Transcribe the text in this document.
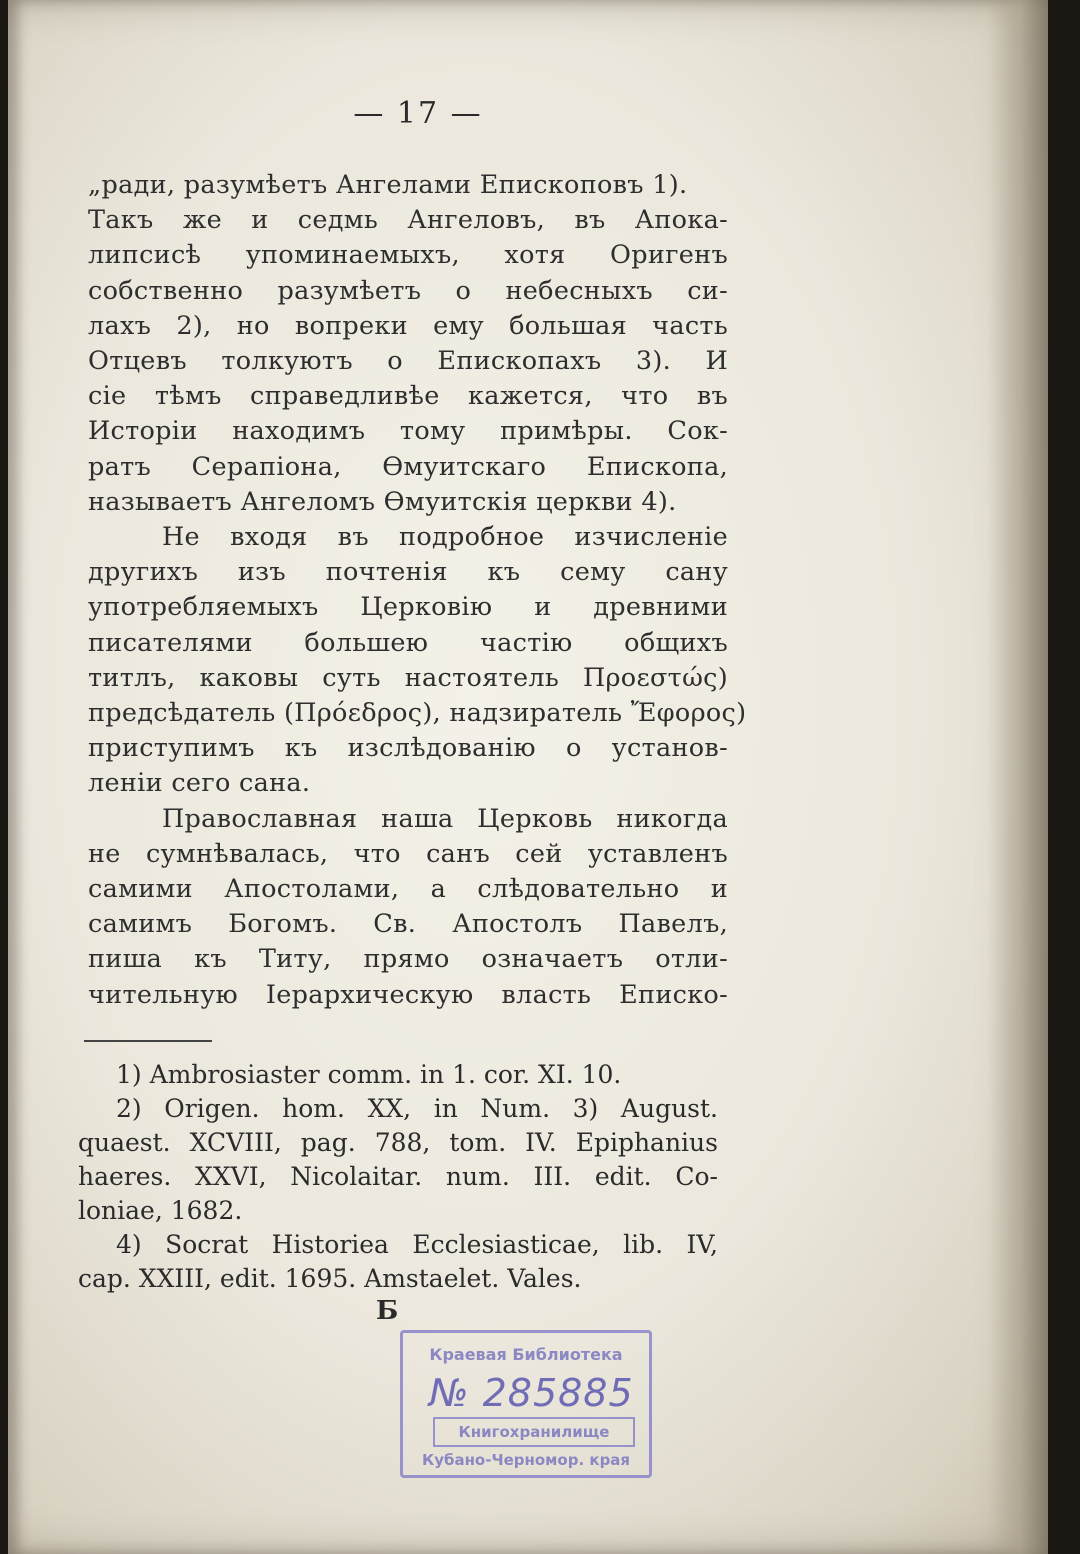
— 17 —
„ради, разумѣетъ Ангелами Епископовъ 1).
Такъ же и седмь Ангеловъ, въ Апока-
липсисѣ упоминаемыхъ, хотя Оригенъ
собственно разумѣетъ о небесныхъ си-
лахъ 2), но вопреки ему большая часть
Отцевъ толкуютъ о Епископахъ 3). И
сіе тѣмъ справедливѣе кажется, что въ
Исторіи находимъ тому примѣры. Сок-
ратъ Серапіона, Ѳмуитскаго Епископа,
называетъ Ангеломъ Ѳмуитскія церкви 4).
Не входя въ подробное изчисленіе
другихъ изъ почтенія къ сему сану
употребляемыхъ Церковію и древними
писателями большею частію общихъ
титлъ, каковы суть настоятель Προεστώς)
предсѣдатель (Πρόεδρος), надзиратель Ἔφορος)
приступимъ къ изслѣдованію о установ-
леніи сего сана.
Православная наша Церковь никогда
не сумнѣвалась, что санъ сей уставленъ
самими Апостолами, а слѣдовательно и
самимъ Богомъ. Св. Апостолъ Павелъ,
пиша къ Титу, прямо означаетъ отли-
чительную Іерархическую власть Еписко-
1) Ambrosiaster comm. in 1. cor. XI. 10.
2) Origen. hom. XX, in Num. 3) August.
quaest. XCVIII, pag. 788, tom. IV. Epiphanius
haeres. XXVI, Nicolaitar. num. III. edit. Co-
loniae, 1682.
4) Socrat Historiea Ecclesiasticae, lib. IV,
cap. XXIII, edit. 1695. Amstaelet. Vales.
Б
Краевая Библиотека
№ 285885
Книгохранилище
Кубано-Черномор. края
